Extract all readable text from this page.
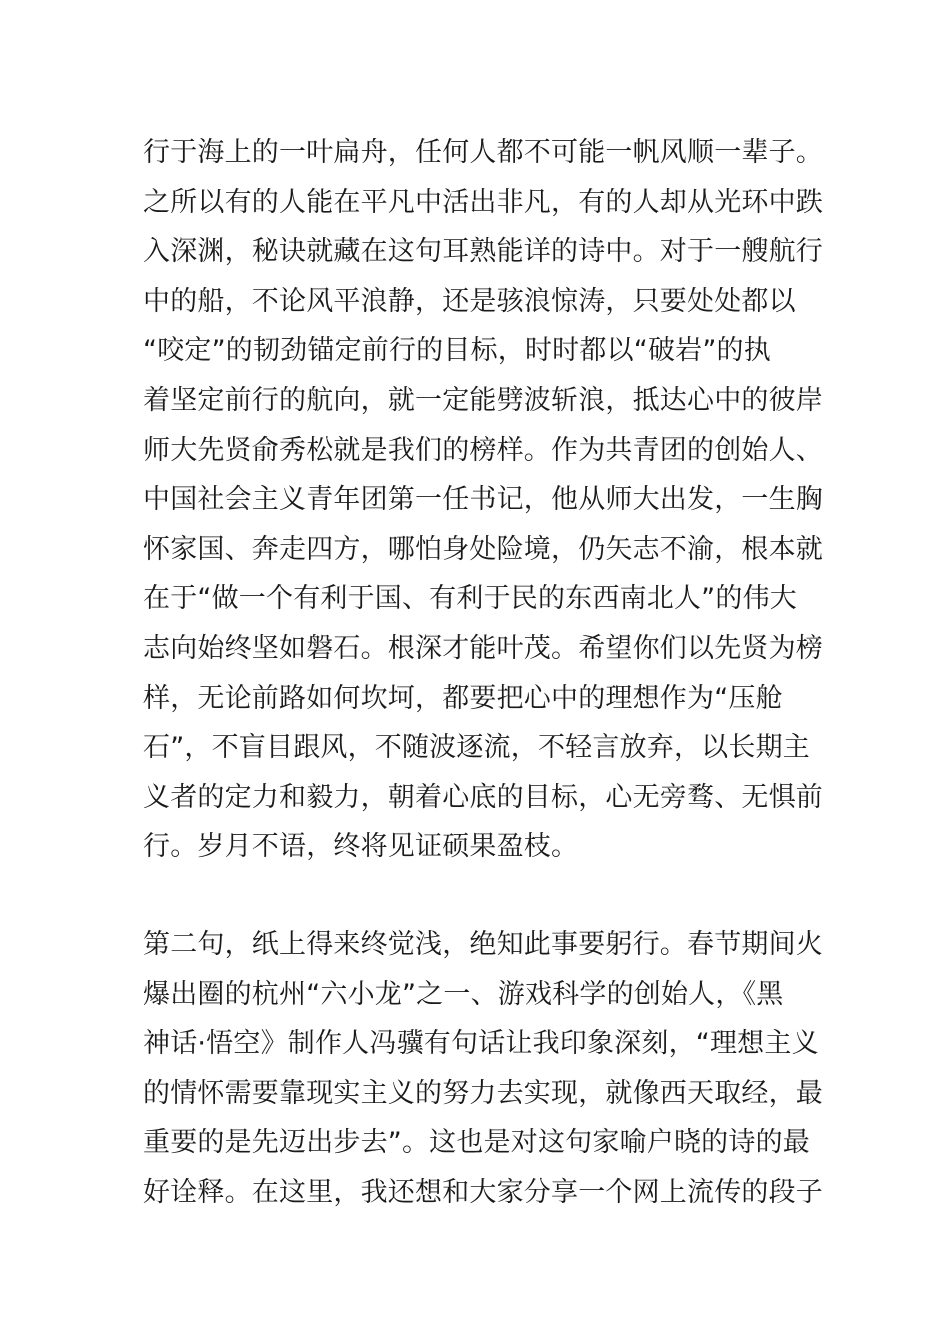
行于海上的一叶扁舟，任何人都不可能一帆风顺一辈子。
之所以有的人能在平凡中活出非凡，有的人却从光环中跌
入深渊，秘诀就藏在这句耳熟能详的诗中。对于一艘航行
中的船，不论风平浪静，还是骇浪惊涛，只要处处都以
“咬定”的韧劲锚定前行的目标，时时都以“破岩”的执
着坚定前行的航向，就一定能劈波斩浪，抵达心中的彼岸
师大先贤俞秀松就是我们的榜样。作为共青团的创始人、
中国社会主义青年团第一任书记，他从师大出发，一生胸
怀家国、奔走四方，哪怕身处险境，仍矢志不渝，根本就
在于“做一个有利于国、有利于民的东西南北人”的伟大
志向始终坚如磐石。根深才能叶茂。希望你们以先贤为榜
样，无论前路如何坎坷，都要把心中的理想作为“压舱
石”，不盲目跟风，不随波逐流，不轻言放弃，以长期主
义者的定力和毅力，朝着心底的目标，心无旁骛、无惧前
行。岁月不语，终将见证硕果盈枝。

第二句，纸上得来终觉浅，绝知此事要躬行。春节期间火
爆出圈的杭州“六小龙”之一、游戏科学的创始人，《黑
神话·悟空》制作人冯骥有句话让我印象深刻，“理想主义
的情怀需要靠现实主义的努力去实现，就像西天取经，最
重要的是先迈出步去”。这也是对这句家喻户晓的诗的最
好诠释。在这里，我还想和大家分享一个网上流传的段子
